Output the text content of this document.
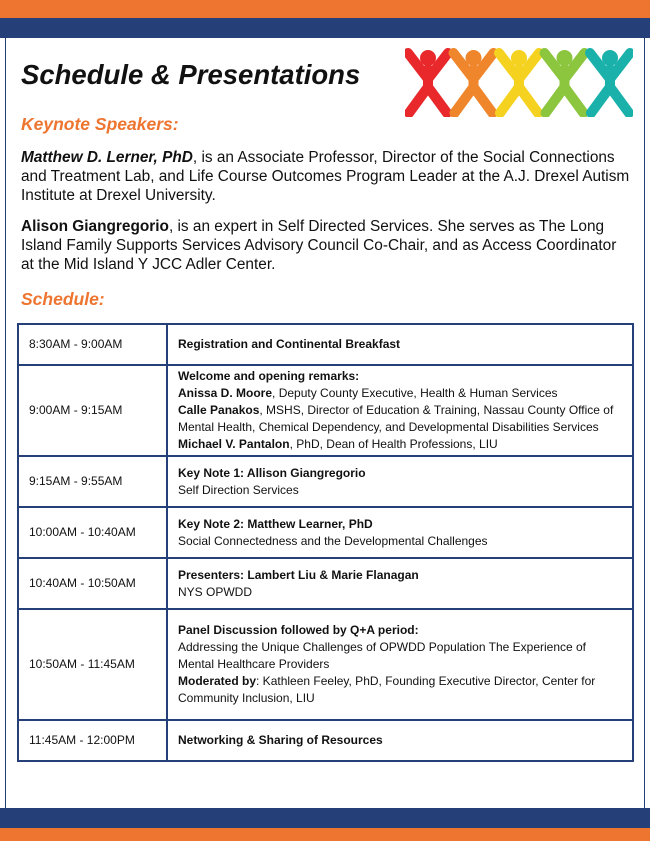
Schedule & Presentations
Keynote Speakers:

Matthew D. Lerner, PhD, is an Associate Professor, Director of the Social Connections and Treatment Lab, and Life Course Outcomes Program Leader at the A.J. Drexel Autism Institute at Drexel University.

Alison Giangregorio, is an expert in Self Directed Services. She serves as The Long Island Family Supports Services Advisory Council Co-Chair, and as Access Coordinator at the Mid Island Y JCC Adler Center.

Schedule:
8:30AM - 9:00AM	Registration and Continental Breakfast

9:00AM - 9:15AM	Welcome and opening remarks:
Anissa D. Moore, Deputy County Executive, Health & Human Services
Calle Panakos, MSHS, Director of Education & Training, Nassau County Office of Mental Health, Chemical Dependency, and Developmental Disabilities Services
Michael V. Pantalon, PhD, Dean of Health Professions, LIU

9:15AM - 9:55AM	Key Note 1: Allison Giangregorio
Self Direction Services

10:00AM - 10:40AM	Key Note 2: Matthew Learner, PhD
Social Connectedness and the Developmental Challenges

10:40AM - 10:50AM	Presenters: Lambert Liu & Marie Flanagan
NYS OPWDD

10:50AM - 11:45AM	Panel Discussion followed by Q+A period:
Addressing the Unique Challenges of OPWDD Population The Experience of Mental Healthcare Providers
Moderated by: Kathleen Feeley, PhD, Founding Executive Director, Center for Community Inclusion, LIU

11:45AM - 12:00PM	Networking & Sharing of Resources
